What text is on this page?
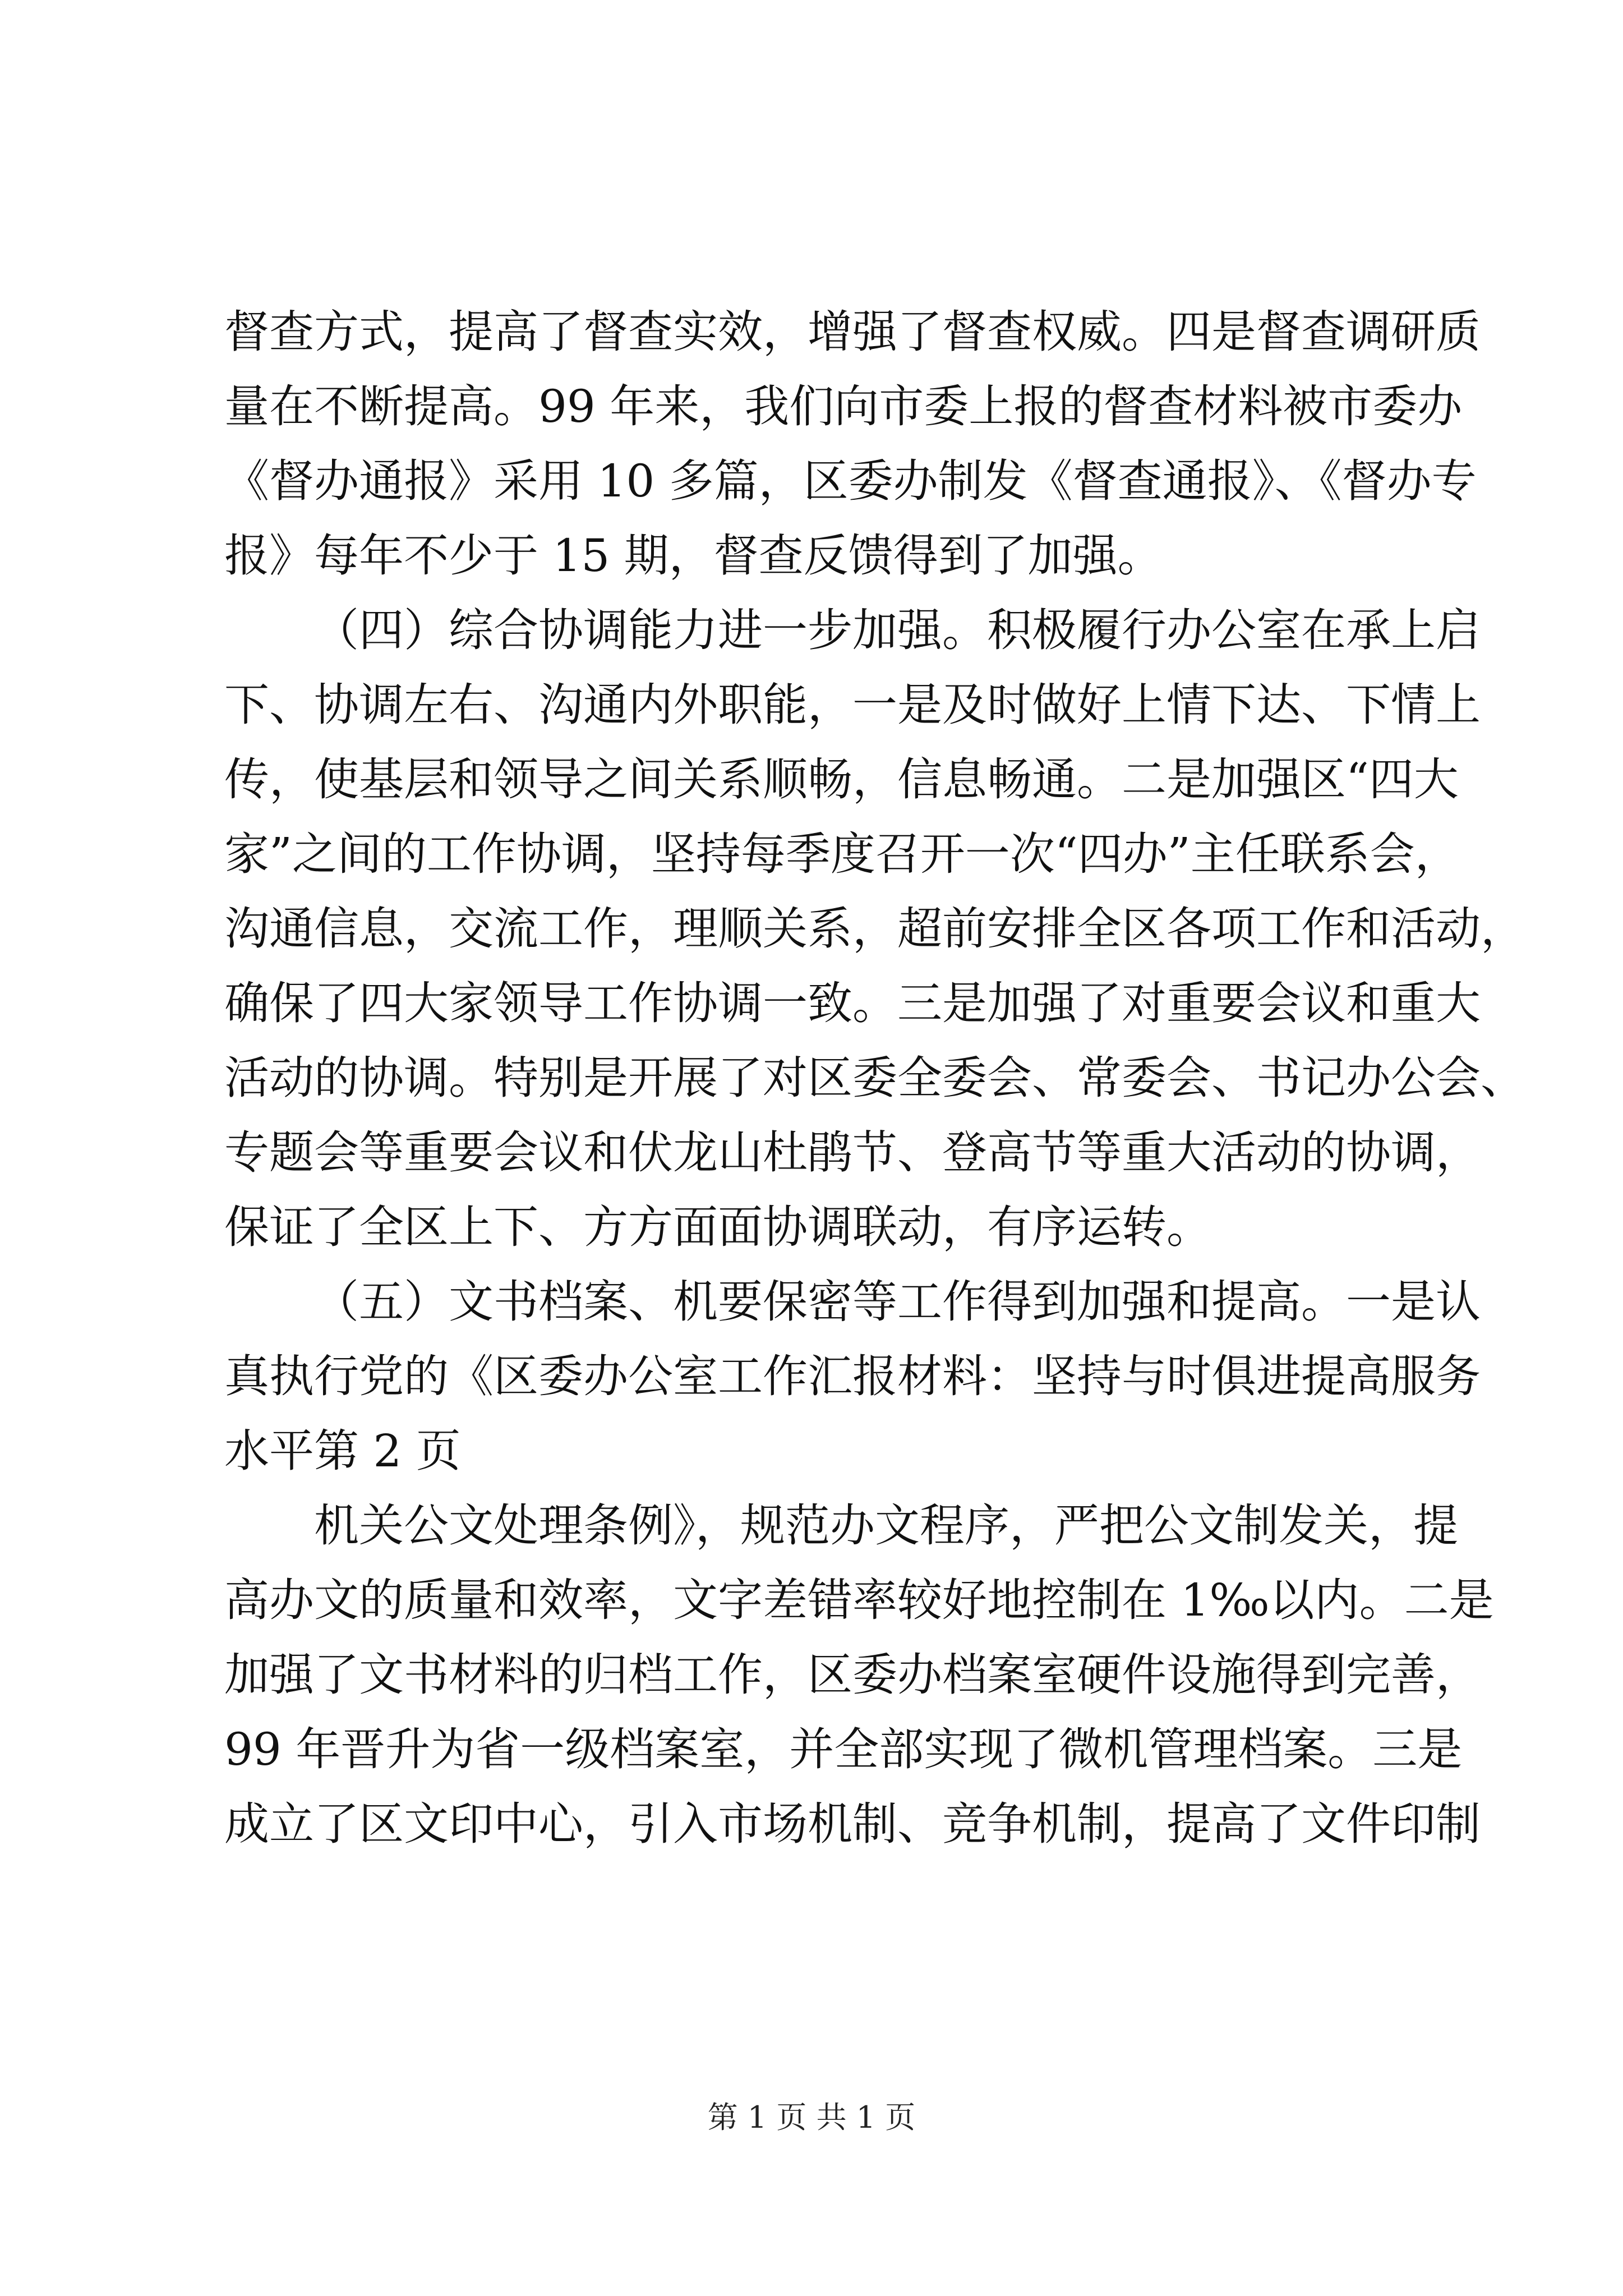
督查方式，提高了督查实效，增强了督查权威。四是督查调研质
量在不断提高。99 年来，我们向市委上报的督查材料被市委办
《督办通报》采用 10 多篇，区委办制发《督查通报》、《督办专
报》每年不少于 15 期，督查反馈得到了加强。
（四）综合协调能力进一步加强。积极履行办公室在承上启
下、协调左右、沟通内外职能，一是及时做好上情下达、下情上
传，使基层和领导之间关系顺畅，信息畅通。二是加强区“四大
家”之间的工作协调，坚持每季度召开一次“四办”主任联系会，
沟通信息，交流工作，理顺关系，超前安排全区各项工作和活动，
确保了四大家领导工作协调一致。三是加强了对重要会议和重大
活动的协调。特别是开展了对区委全委会、常委会、书记办公会、
专题会等重要会议和伏龙山杜鹃节、登高节等重大活动的协调，
保证了全区上下、方方面面协调联动，有序运转。
（五）文书档案、机要保密等工作得到加强和提高。一是认
真执行党的《区委办公室工作汇报材料：坚持与时俱进提高服务
水平第 2 页
机关公文处理条例》，规范办文程序，严把公文制发关，提
高办文的质量和效率，文字差错率较好地控制在 1‰以内。二是
加强了文书材料的归档工作，区委办档案室硬件设施得到完善，
99 年晋升为省一级档案室，并全部实现了微机管理档案。三是
成立了区文印中心，引入市场机制、竞争机制，提高了文件印制
第 1 页 共 1 页
